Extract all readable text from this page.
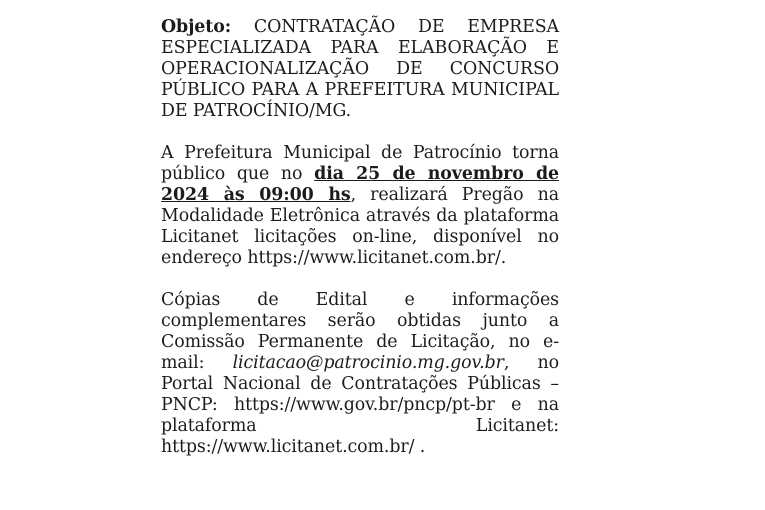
Objeto: CONTRATAÇÃO DE EMPRESA ESPECIALIZADA PARA ELABORAÇÃO E OPERACIONALIZAÇÃO DE CONCURSO PÚBLICO PARA A PREFEITURA MUNICIPAL DE PATROCÍNIO/MG.

A Prefeitura Municipal de Patrocínio torna público que no dia 25 de novembro de 2024 às 09:00 hs, realizará Pregão na Modalidade Eletrônica através da plataforma Licitanet licitações on-line, disponível no endereço https://www.licitanet.com.br/.

Cópias de Edital e informações complementares serão obtidas junto a Comissão Permanente de Licitação, no e-mail: licitacao@patrocinio.mg.gov.br, no Portal Nacional de Contratações Públicas – PNCP: https://www.gov.br/pncp/pt-br e na plataforma Licitanet: https://www.licitanet.com.br/ .
